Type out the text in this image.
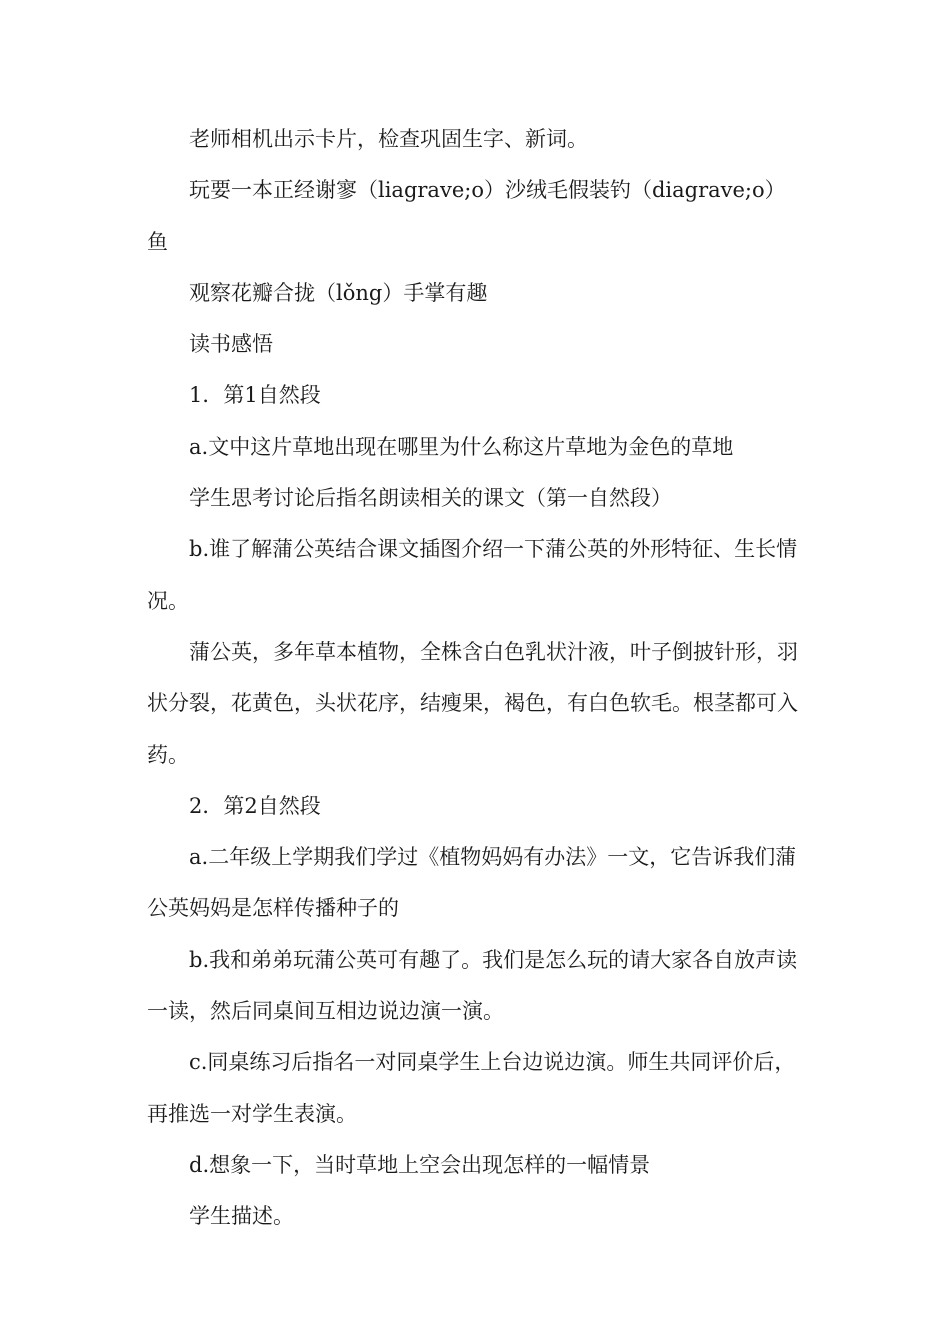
老师相机出示卡片，检查巩固生字、新词。

玩要一本正经谢寥（liagrave;o）沙绒毛假装钓（diagrave;o）鱼

观察花瓣合拢（lǒng）手掌有趣

读书感悟

1．第1自然段

a.文中这片草地出现在哪里为什么称这片草地为金色的草地

学生思考讨论后指名朗读相关的课文（第一自然段）

b.谁了解蒲公英结合课文插图介绍一下蒲公英的外形特征、生长情况。

蒲公英，多年草本植物，全株含白色乳状汁液，叶子倒披针形，羽状分裂，花黄色，头状花序，结瘦果，褐色，有白色软毛。根茎都可入药。

2．第2自然段

a.二年级上学期我们学过《植物妈妈有办法》一文，它告诉我们蒲公英妈妈是怎样传播种子的

b.我和弟弟玩蒲公英可有趣了。我们是怎么玩的请大家各自放声读一读，然后同桌间互相边说边演一演。

c.同桌练习后指名一对同桌学生上台边说边演。师生共同评价后，再推选一对学生表演。

d.想象一下，当时草地上空会出现怎样的一幅情景

学生描述。
